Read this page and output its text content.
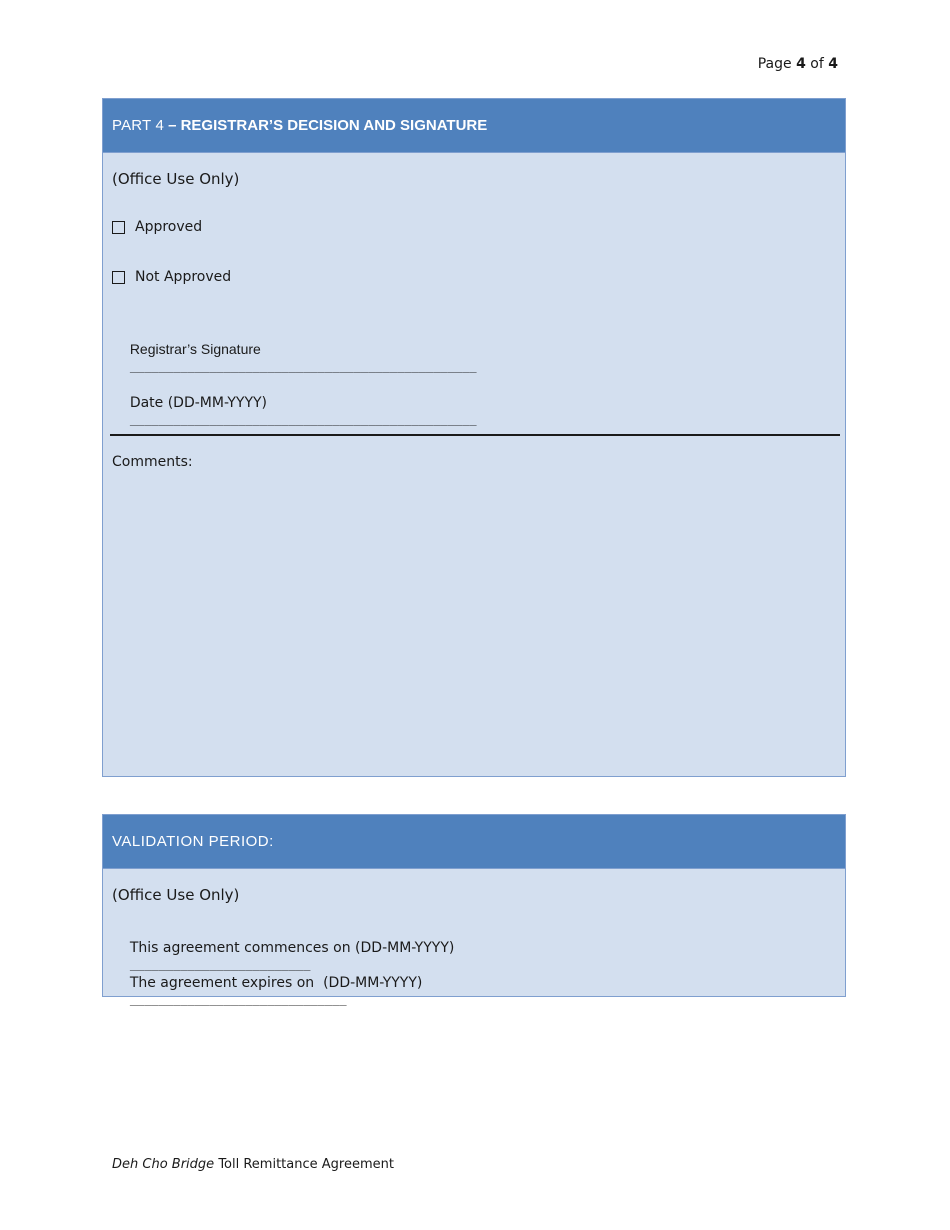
Page 4 of 4
PART 4 – REGISTRAR’S DECISION AND SIGNATURE
(Office Use Only)
Approved
Not Approved

Registrar’s Signature
________________________________________________

Date (DD-MM-YYYY)
________________________________________________

Comments:
VALIDATION PERIOD:
(Office Use Only)

This agreement commences on (DD-MM-YYYY)
_________________________

The agreement expires on  (DD-MM-YYYY)
______________________________

Deh Cho Bridge Toll Remittance Agreement
